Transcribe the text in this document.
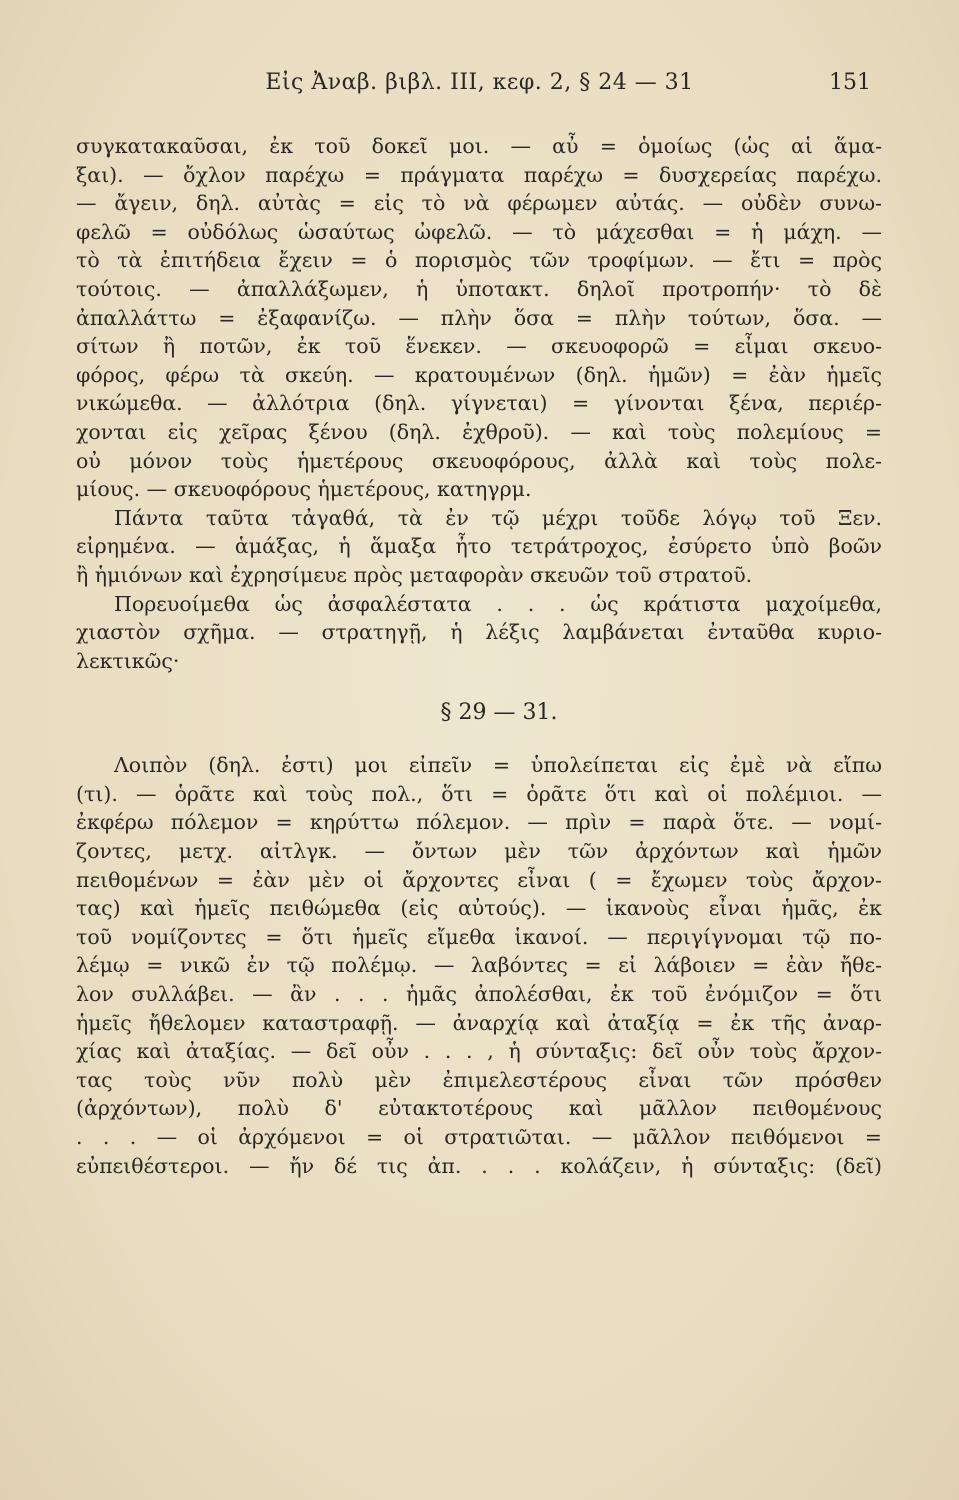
Εἰς Ἀναβ. βιβλ. III, κεφ. 2, § 24 — 31	151
συγκατακαῦσαι, ἐκ τοῦ δοκεῖ μοι. — αὖ = ὁμοίως (ὡς αἱ ἅμα-
ξαι). — ὄχλον παρέχω = πράγματα παρέχω = δυσχερείας παρέχω.
— ἄγειν, δηλ. αὐτὰς = εἰς τὸ νὰ φέρωμεν αὐτάς. — οὐδὲν συνω-
φελῶ = οὐδόλως ὡσαύτως ὠφελῶ. — τὸ μάχεσθαι = ἡ μάχη. —
τὸ τὰ ἐπιτήδεια ἔχειν = ὁ πορισμὸς τῶν τροφίμων. — ἔτι = πρὸς
τούτοις. — ἀπαλλάξωμεν, ἡ ὑποτακτ. δηλοῖ προτροπήν· τὸ δὲ
ἀπαλλάττω = ἐξαφανίζω. — πλὴν ὅσα = πλὴν τούτων, ὅσα. —
σίτων ἢ ποτῶν, ἐκ τοῦ ἕνεκεν. — σκευοφορῶ = εἶμαι σκευο-
φόρος, φέρω τὰ σκεύη. — κρατουμένων (δηλ. ἡμῶν) = ἐὰν ἡμεῖς
νικώμεθα. — ἀλλότρια (δηλ. γίγνεται) = γίνονται ξένα, περιέρ-
χονται εἰς χεῖρας ξένου (δηλ. ἐχθροῦ). — καὶ τοὺς πολεμίους =
οὐ μόνον τοὺς ἡμετέρους σκευοφόρους, ἀλλὰ καὶ τοὺς πολε-
μίους. — σκευοφόρους ἡμετέρους, κατηγρμ.
Πάντα ταῦτα τἀγαθά, τὰ ἐν τῷ μέχρι τοῦδε λόγῳ τοῦ Ξεν.
εἰρημένα. — ἁμάξας, ἡ ἅμαξα ἦτο τετράτροχος, ἐσύρετο ὑπὸ βοῶν
ἢ ἡμιόνων καὶ ἐχρησίμευε πρὸς μεταφορὰν σκευῶν τοῦ στρατοῦ.
Πορευοίμεθα ὡς ἀσφαλέστατα . . . ὡς κράτιστα μαχοίμεθα,
χιαστὸν σχῆμα. — στρατηγῇ, ἡ λέξις λαμβάνεται ἐνταῦθα κυριο-
λεκτικῶς·
§ 29 — 31.
Λοιπὸν (δηλ. ἐστι) μοι εἰπεῖν = ὑπολείπεται εἰς ἐμὲ νὰ εἴπω
(τι). — ὁρᾶτε καὶ τοὺς πολ., ὅτι = ὁρᾶτε ὅτι καὶ οἱ πολέμιοι. —
ἐκφέρω πόλεμον = κηρύττω πόλεμον. — πρὶν = παρὰ ὅτε. — νομί-
ζοντες, μετχ. αἰτλγκ. — ὄντων μὲν τῶν ἀρχόντων καὶ ἡμῶν
πειθομένων = ἐὰν μὲν οἱ ἄρχοντες εἶναι ( = ἔχωμεν τοὺς ἄρχον-
τας) καὶ ἡμεῖς πειθώμεθα (εἰς αὐτούς). — ἱκανοὺς εἶναι ἡμᾶς, ἐκ
τοῦ νομίζοντες = ὅτι ἡμεῖς εἴμεθα ἱκανοί. — περιγίγνομαι τῷ πο-
λέμῳ = νικῶ ἐν τῷ πολέμῳ. — λαβόντες = εἰ λάβοιεν = ἐὰν ἤθε-
λον συλλάβει. — ἂν . . . ἡμᾶς ἀπολέσθαι, ἐκ τοῦ ἐνόμιζον = ὅτι
ἡμεῖς ἤθελομεν καταστραφῇ. — ἀναρχίᾳ καὶ ἀταξίᾳ = ἐκ τῆς ἀναρ-
χίας καὶ ἀταξίας. — δεῖ οὖν . . . , ἡ σύνταξις: δεῖ οὖν τοὺς ἄρχον-
τας τοὺς νῦν πολὺ μὲν ἐπιμελεστέρους εἶναι τῶν πρόσθεν
(ἀρχόντων), πολὺ δ' εὐτακτοτέρους καὶ μᾶλλον πειθομένους
. . . — οἱ ἀρχόμενοι = οἱ στρατιῶται. — μᾶλλον πειθόμενοι =
εὐπειθέστεροι. — ἤν δέ τις ἀπ. . . . κολάζειν, ἡ σύνταξις: (δεῖ)
